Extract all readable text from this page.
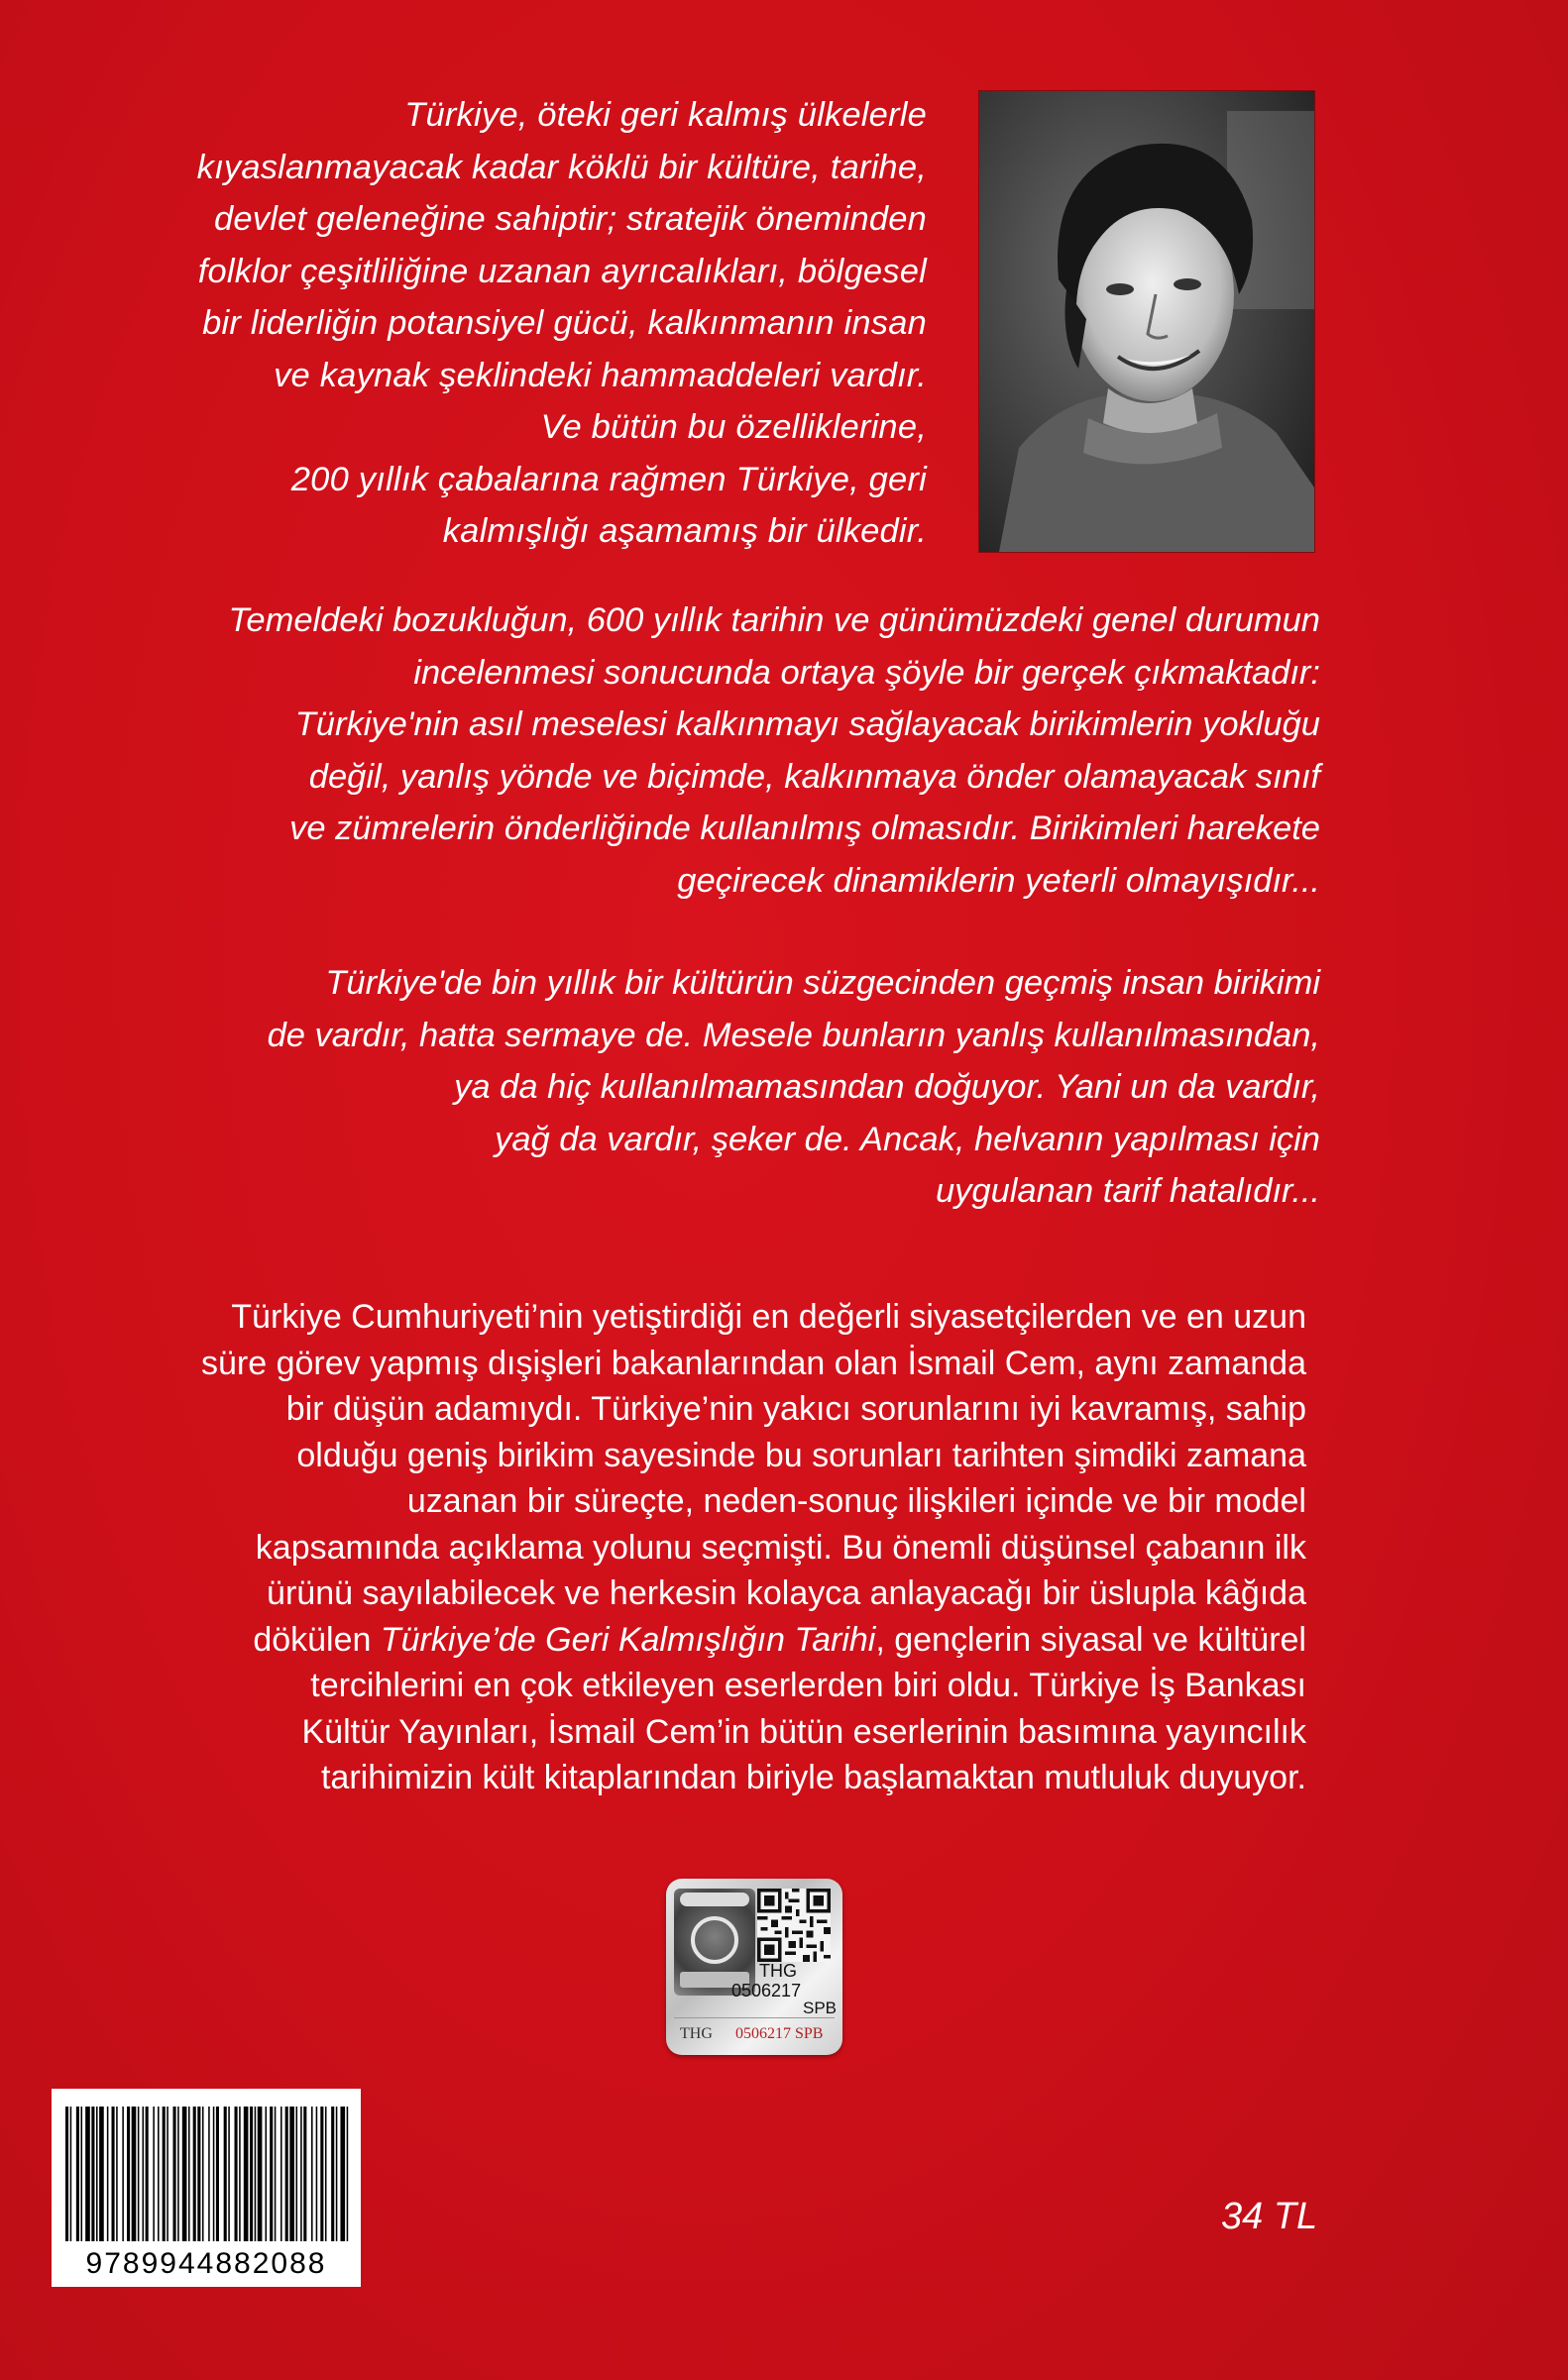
Türkiye, öteki geri kalmış ülkelerle
kıyaslanmayacak kadar köklü bir kültüre, tarihe,
devlet geleneğine sahiptir; stratejik öneminden
folklor çeşitliliğine uzanan ayrıcalıkları, bölgesel
bir liderliğin potansiyel gücü, kalkınmanın insan
ve kaynak şeklindeki hammaddeleri vardır.
Ve bütün bu özelliklerine,
200 yıllık çabalarına rağmen Türkiye, geri
kalmışlığı aşamamış bir ülkedir.
Temeldeki bozukluğun, 600 yıllık tarihin ve günümüzdeki genel durumun
incelenmesi sonucunda ortaya şöyle bir gerçek çıkmaktadır:
Türkiye'nin asıl meselesi kalkınmayı sağlayacak birikimlerin yokluğu
değil, yanlış yönde ve biçimde, kalkınmaya önder olamayacak sınıf
ve zümrelerin önderliğinde kullanılmış olmasıdır. Birikimleri harekete
geçirecek dinamiklerin yeterli olmayışıdır...
Türkiye'de bin yıllık bir kültürün süzgecinden geçmiş insan birikimi
de vardır, hatta sermaye de. Mesele bunların yanlış kullanılmasından,
ya da hiç kullanılmamasından doğuyor. Yani un da vardır,
yağ da vardır, şeker de. Ancak, helvanın yapılması için
uygulanan tarif hatalıdır...
Türkiye Cumhuriyeti’nin yetiştirdiği en değerli siyasetçilerden ve en uzun
süre görev yapmış dışişleri bakanlarından olan İsmail Cem, aynı zamanda
bir düşün adamıydı. Türkiye’nin yakıcı sorunlarını iyi kavramış, sahip
olduğu geniş birikim sayesinde bu sorunları tarihten şimdiki zamana
uzanan bir süreçte, neden-sonuç ilişkileri içinde ve bir model
kapsamında açıklama yolunu seçmişti. Bu önemli düşünsel çabanın ilk
ürünü sayılabilecek ve herkesin kolayca anlayacağı bir üslupla kâğıda
dökülen Türkiye’de Geri Kalmışlığın Tarihi, gençlerin siyasal ve kültürel
tercihlerini en çok etkileyen eserlerden biri oldu. Türkiye İş Bankası
Kültür Yayınları, İsmail Cem’in bütün eserlerinin basımına yayıncılık
tarihimizin kült kitaplarından biriyle başlamaktan mutluluk duyuyor.
THG
0506217
SPB
THG 0506217 SPB
9789944882088
34 TL
